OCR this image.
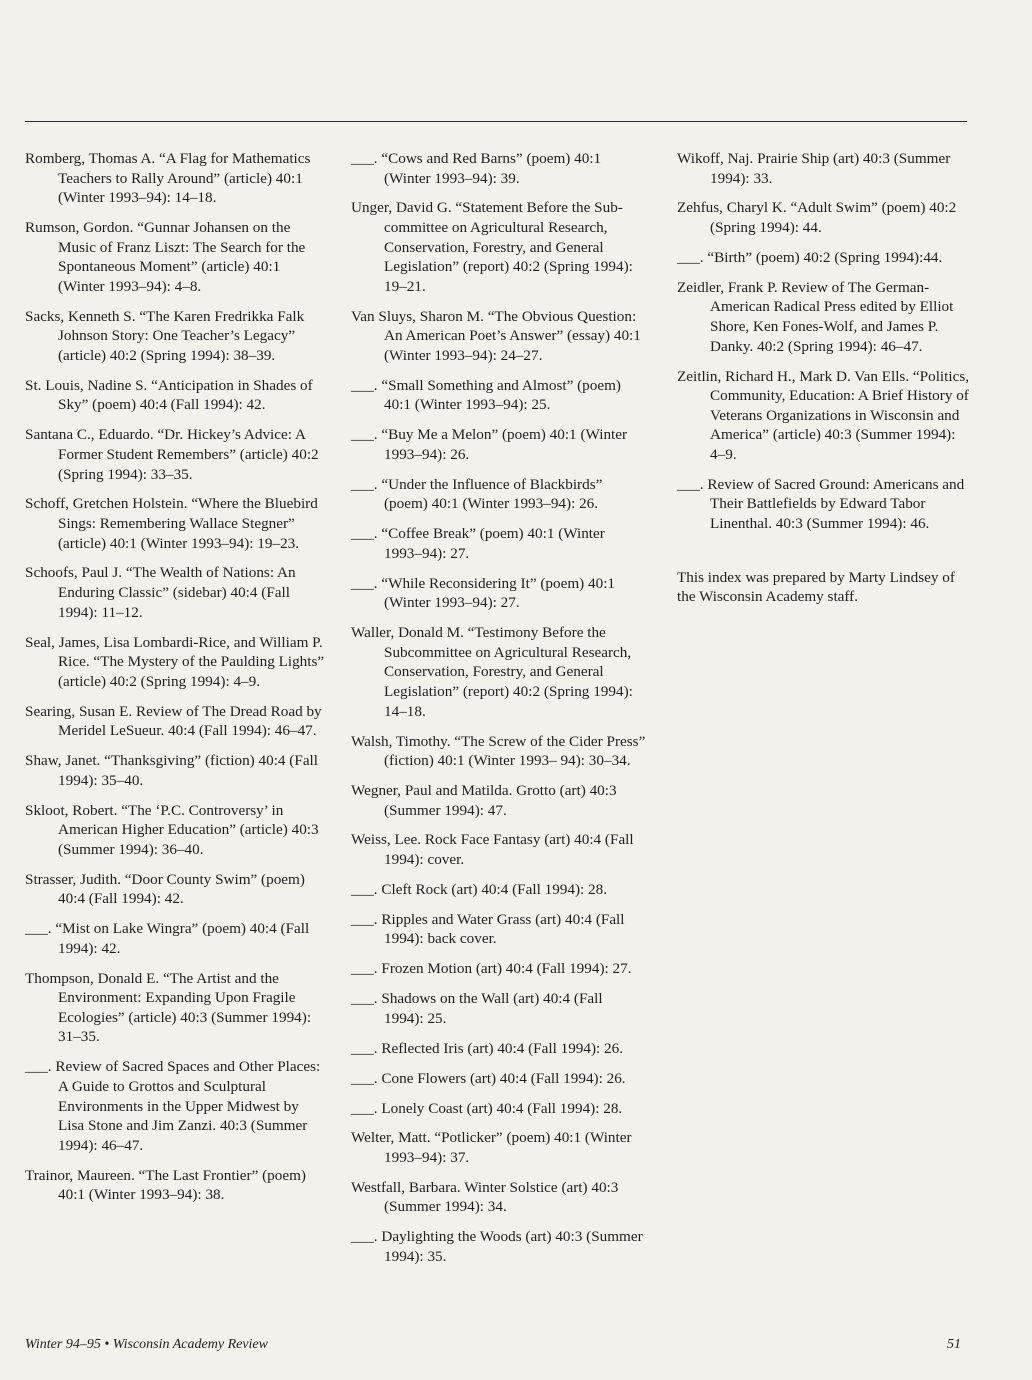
Romberg, Thomas A. “A Flag for Mathematics Teachers to Rally Around” (article) 40:1 (Winter 1993–94): 14–18.

Rumson, Gordon. “Gunnar Johansen on the Music of Franz Liszt: The Search for the Spontaneous Moment” (article) 40:1 (Winter 1993–94): 4–8.

Sacks, Kenneth S. “The Karen Fredrikka Falk Johnson Story: One Teacher’s Legacy” (article) 40:2 (Spring 1994): 38–39.

St. Louis, Nadine S. “Anticipation in Shades of Sky” (poem) 40:4 (Fall 1994): 42.

Santana C., Eduardo. “Dr. Hickey’s Advice: A Former Student Remembers” (article) 40:2 (Spring 1994): 33–35.

Schoff, Gretchen Holstein. “Where the Bluebird Sings: Remembering Wallace Stegner” (article) 40:1 (Winter 1993–94): 19–23.

Schoofs, Paul J. “The Wealth of Nations: An Enduring Classic” (sidebar) 40:4 (Fall 1994): 11–12.

Seal, James, Lisa Lombardi-Rice, and William P. Rice. “The Mystery of the Paulding Lights” (article) 40:2 (Spring 1994): 4–9.

Searing, Susan E. Review of The Dread Road by Meridel LeSueur. 40:4 (Fall 1994): 46–47.

Shaw, Janet. “Thanksgiving” (fiction) 40:4 (Fall 1994): 35–40.

Skloot, Robert. “The ‘P.C. Controversy’ in American Higher Education” (article) 40:3 (Summer 1994): 36–40.

Strasser, Judith. “Door County Swim” (poem) 40:4 (Fall 1994): 42.

___. “Mist on Lake Wingra” (poem) 40:4 (Fall 1994): 42.

Thompson, Donald E. “The Artist and the Environment: Expanding Upon Fragile Ecologies” (article) 40:3 (Summer 1994): 31–35.

___. Review of Sacred Spaces and Other Places: A Guide to Grottos and Sculptural Environments in the Upper Midwest by Lisa Stone and Jim Zanzi. 40:3 (Summer 1994): 46–47.

Trainor, Maureen. “The Last Frontier” (poem) 40:1 (Winter 1993–94): 38.

___. “Cows and Red Barns” (poem) 40:1 (Winter 1993–94): 39.

Unger, David G. “Statement Before the Subcommittee on Agricultural Research, Conservation, Forestry, and General Legislation” (report) 40:2 (Spring 1994): 19–21.

Van Sluys, Sharon M. “The Obvious Question: An American Poet’s Answer” (essay) 40:1 (Winter 1993–94): 24–27.

___. “Small Something and Almost” (poem) 40:1 (Winter 1993–94): 25.

___. “Buy Me a Melon” (poem) 40:1 (Winter 1993–94): 26.

___. “Under the Influence of Blackbirds” (poem) 40:1 (Winter 1993–94): 26.

___. “Coffee Break” (poem) 40:1 (Winter 1993–94): 27.

___. “While Reconsidering It” (poem) 40:1 (Winter 1993–94): 27.

Waller, Donald M. “Testimony Before the Subcommittee on Agricultural Research, Conservation, Forestry, and General Legislation” (report) 40:2 (Spring 1994): 14–18.

Walsh, Timothy. “The Screw of the Cider Press” (fiction) 40:1 (Winter 1993– 94): 30–34.

Wegner, Paul and Matilda. Grotto (art) 40:3 (Summer 1994): 47.

Weiss, Lee. Rock Face Fantasy (art) 40:4 (Fall 1994): cover.

___. Cleft Rock (art) 40:4 (Fall 1994): 28.

___. Ripples and Water Grass (art) 40:4 (Fall 1994): back cover.

___. Frozen Motion (art) 40:4 (Fall 1994): 27.

___. Shadows on the Wall (art) 40:4 (Fall 1994): 25.

___. Reflected Iris (art) 40:4 (Fall 1994): 26.

___. Cone Flowers (art) 40:4 (Fall 1994): 26.

___. Lonely Coast (art) 40:4 (Fall 1994): 28.

Welter, Matt. “Potlicker” (poem) 40:1 (Winter 1993–94): 37.

Westfall, Barbara. Winter Solstice (art) 40:3 (Summer 1994): 34.

___. Daylighting the Woods (art) 40:3 (Summer 1994): 35.

Wikoff, Naj. Prairie Ship (art) 40:3 (Summer 1994): 33.

Zehfus, Charyl K. “Adult Swim” (poem) 40:2 (Spring 1994): 44.

___. “Birth” (poem) 40:2 (Spring 1994):44.

Zeidler, Frank P. Review of The German-American Radical Press edited by Elliot Shore, Ken Fones-Wolf, and James P. Danky. 40:2 (Spring 1994): 46–47.

Zeitlin, Richard H., Mark D. Van Ells. “Politics, Community, Education: A Brief History of Veterans Organizations in Wisconsin and America” (article) 40:3 (Summer 1994): 4–9.

___. Review of Sacred Ground: Americans and Their Battlefields by Edward Tabor Linenthal. 40:3 (Summer 1994): 46.

This index was prepared by Marty Lindsey of the Wisconsin Academy staff.

Winter 94–95 • Wisconsin Academy Review	51
